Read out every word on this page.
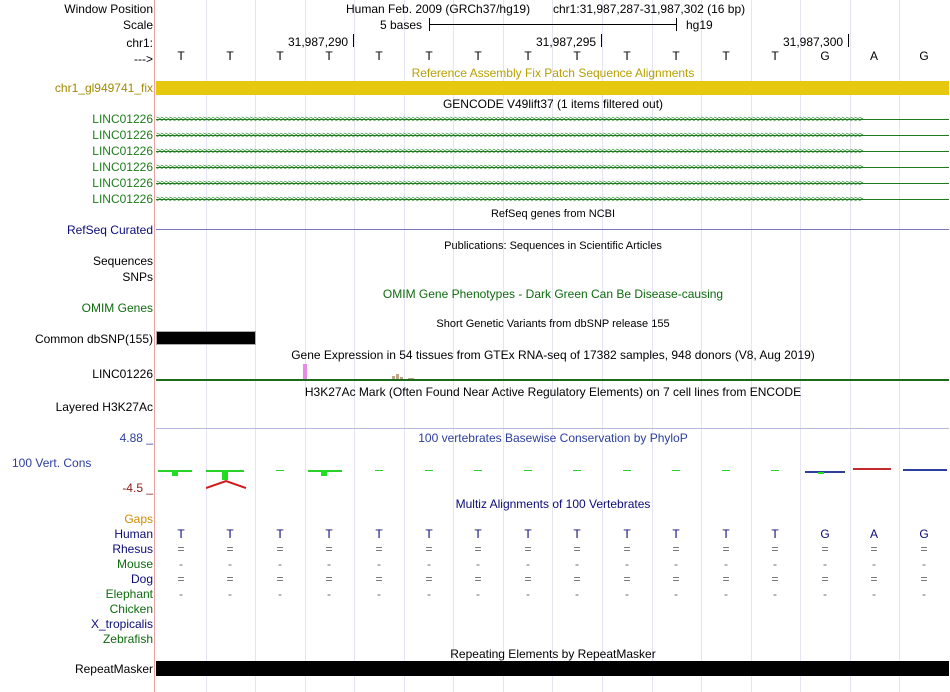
Window Position	Human Feb. 2009 (GRCh37/hg19) chr1:31,987,287-31,987,302 (16 bp)
Scale	5 bases	hg19
chr1:	31,987,290	31,987,295	31,987,300
--->	T	T	T	T	T	T	T	T	T	T	T	T	T	G	A	G
Reference Assembly Fix Patch Sequence Alignments
chr1_gl949741_fix
GENCODE V49lift37 (1 items filtered out)
LINC01226 >>>>>>>>>>>>>>>>>>>>>>>>>>>>>>>>>>>>>>>>>>>>>>>>>>>>>>>>>>>>>>>>>>>>>>>>>>>>>>>>>>>>>>>>>>>>>>>>>>>>>>>>>>>>>>>>>>>>>>>>>>>>>>>>>>>>>>>>>>>>>>>>>>>>>>>>>>>>>>>>>>>>>>
LINC01226 >>>>>>>>>>>>>>>>>>>>>>>>>>>>>>>>>>>>>>>>>>>>>>>>>>>>>>>>>>>>>>>>>>>>>>>>>>>>>>>>>>>>>>>>>>>>>>>>>>>>>>>>>>>>>>>>>>>>>>>>>>>>>>>>>>>>>>>>>>>>>>>>>>>>>>>>>>>>>>>>>>>>>>
LINC01226 >>>>>>>>>>>>>>>>>>>>>>>>>>>>>>>>>>>>>>>>>>>>>>>>>>>>>>>>>>>>>>>>>>>>>>>>>>>>>>>>>>>>>>>>>>>>>>>>>>>>>>>>>>>>>>>>>>>>>>>>>>>>>>>>>>>>>>>>>>>>>>>>>>>>>>>>>>>>>>>>>>>>>>
LINC01226 >>>>>>>>>>>>>>>>>>>>>>>>>>>>>>>>>>>>>>>>>>>>>>>>>>>>>>>>>>>>>>>>>>>>>>>>>>>>>>>>>>>>>>>>>>>>>>>>>>>>>>>>>>>>>>>>>>>>>>>>>>>>>>>>>>>>>>>>>>>>>>>>>>>>>>>>>>>>>>>>>>>>>>
LINC01226 >>>>>>>>>>>>>>>>>>>>>>>>>>>>>>>>>>>>>>>>>>>>>>>>>>>>>>>>>>>>>>>>>>>>>>>>>>>>>>>>>>>>>>>>>>>>>>>>>>>>>>>>>>>>>>>>>>>>>>>>>>>>>>>>>>>>>>>>>>>>>>>>>>>>>>>>>>>>>>>>>>>>>>
LINC01226 >>>>>>>>>>>>>>>>>>>>>>>>>>>>>>>>>>>>>>>>>>>>>>>>>>>>>>>>>>>>>>>>>>>>>>>>>>>>>>>>>>>>>>>>>>>>>>>>>>>>>>>>>>>>>>>>>>>>>>>>>>>>>>>>>>>>>>>>>>>>>>>>>>>>>>>>>>>>>>>>>>>>>>
RefSeq genes from NCBI
RefSeq Curated
Publications: Sequences in Scientific Articles
Sequences
SNPs
OMIM Gene Phenotypes - Dark Green Can Be Disease-causing
OMIM Genes
Short Genetic Variants from dbSNP release 155
Common dbSNP(155)
Gene Expression in 54 tissues from GTEx RNA-seq of 17382 samples, 948 donors (V8, Aug 2019)
LINC01226
H3K27Ac Mark (Often Found Near Active Regulatory Elements) on 7 cell lines from ENCODE
Layered H3K27Ac
100 vertebrates Basewise Conservation by PhyloP
4.88 _
100 Vert. Cons
-4.5 _
Multiz Alignments of 100 Vertebrates
Gaps
Human	T	T	T	T	T	T	T	T	T	T	T	T	T	G	A	G
Rhesus	=	=	=	=	=	=	=	=	=	=	=	=	=	=	=	=
Mouse	-	-	-	-	-	-	-	-	-	-	-	-	-	-	-	-
Dog	=	=	=	=	=	=	=	=	=	=	=	=	=	=	=	=
Elephant	-	-	-	-	-	-	-	-	-	-	-	-	-	-	-	-
Chicken
X_tropicalis
Zebrafish
Repeating Elements by RepeatMasker
RepeatMasker
